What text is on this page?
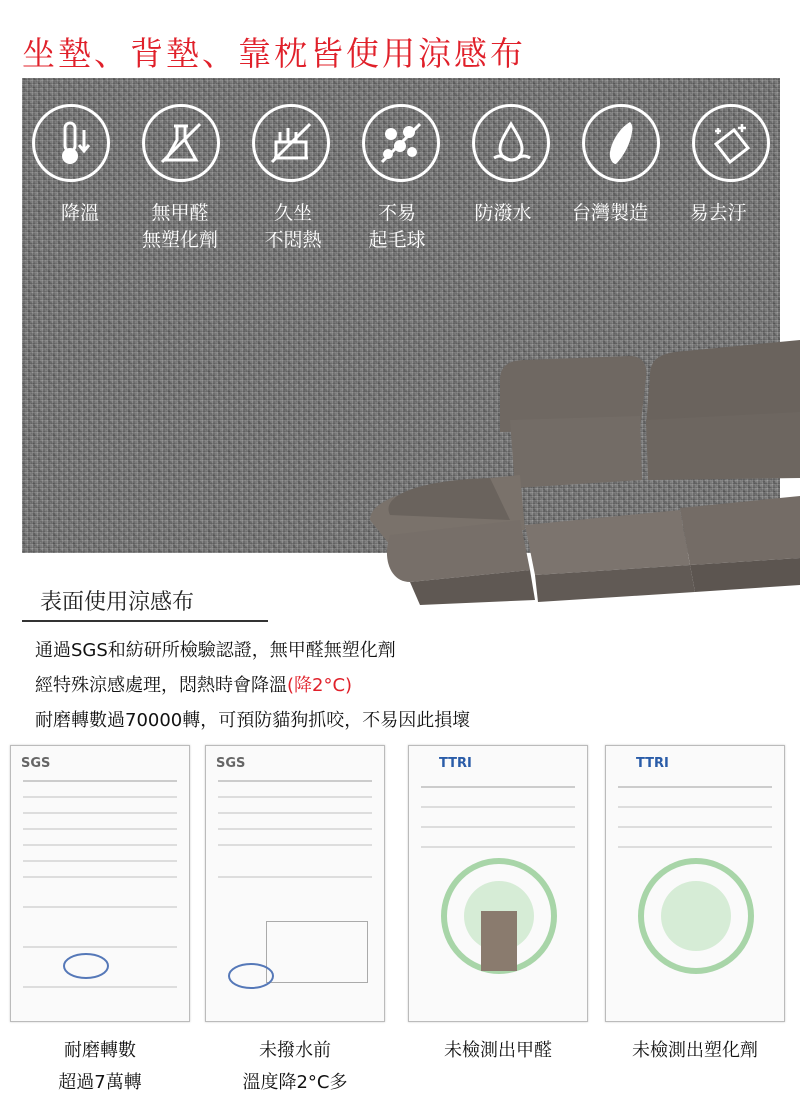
坐墊、背墊、靠枕皆使用涼感布
降溫	無甲醛
無塑化劑
久坐
不悶熱
不易
起毛球
防潑水	台灣製造	易去汙
表面使用涼感布
通過SGS和紡研所檢驗認證，無甲醛無塑化劑
經特殊涼感處理，悶熱時會降溫(降2°C)
耐磨轉數過70000轉，可預防貓狗抓咬，不易因此損壞
SGS	SGS	TTRI	TTRI
耐磨轉數
超過7萬轉
未撥水前
溫度降2°C多
未檢測出甲醛	未檢測出塑化劑
